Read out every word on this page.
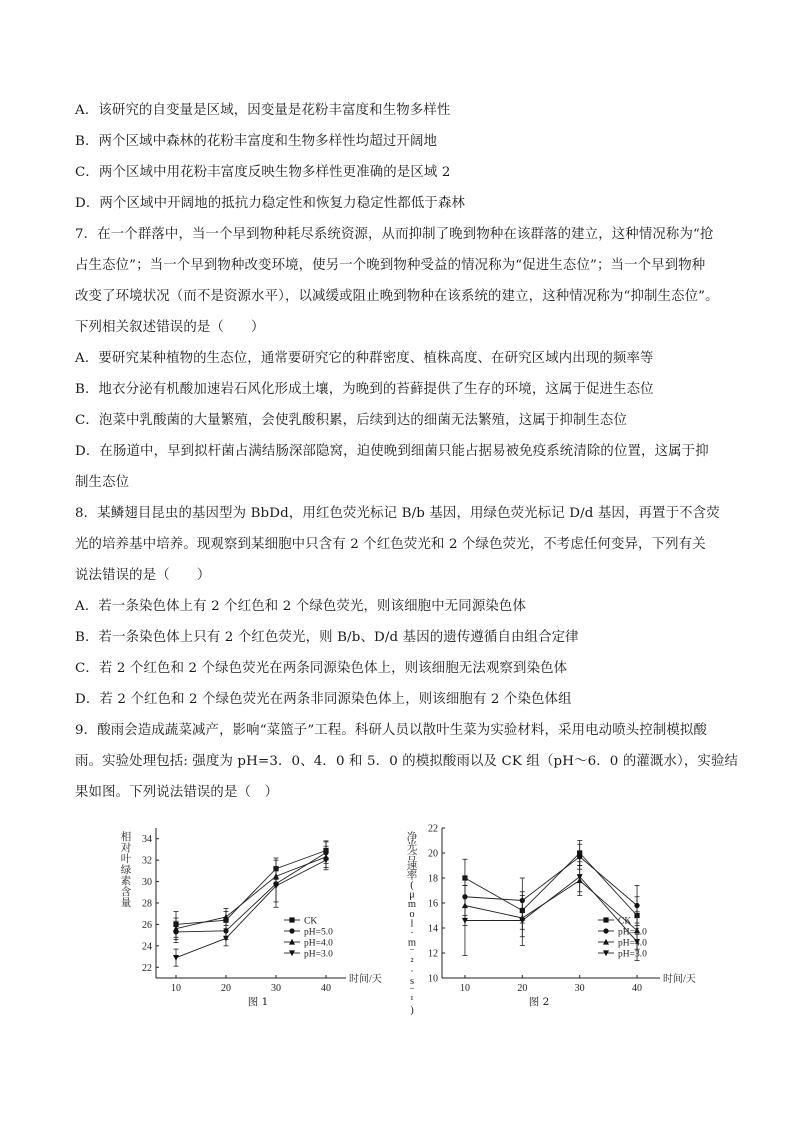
A．该研究的自变量是区域，因变量是花粉丰富度和生物多样性
B．两个区域中森林的花粉丰富度和生物多样性均超过开阔地
C．两个区域中用花粉丰富度反映生物多样性更准确的是区域 2
D．两个区域中开阔地的抵抗力稳定性和恢复力稳定性都低于森林
7．在一个群落中，当一个早到物种耗尽系统资源，从而抑制了晚到物种在该群落的建立，这种情况称为“抢
占生态位”；当一个早到物种改变环境，使另一个晚到物种受益的情况称为“促进生态位”；当一个早到物种
改变了环境状况（而不是资源水平），以减缓或阻止晚到物种在该系统的建立，这种情况称为“抑制生态位”。
下列相关叙述错误的是（　　）
A．要研究某种植物的生态位，通常要研究它的种群密度、植株高度、在研究区域内出现的频率等
B．地衣分泌有机酸加速岩石风化形成土壤，为晚到的苔藓提供了生存的环境，这属于促进生态位
C．泡菜中乳酸菌的大量繁殖，会使乳酸积累，后续到达的细菌无法繁殖，这属于抑制生态位
D．在肠道中，早到拟杆菌占满结肠深部隐窝，迫使晚到细菌只能占据易被免疫系统清除的位置，这属于抑
制生态位
8．某鳞翅目昆虫的基因型为 BbDd，用红色荧光标记 B/b 基因，用绿色荧光标记 D/d 基因，再置于不含荧
光的培养基中培养。现观察到某细胞中只含有 2 个红色荧光和 2 个绿色荧光，不考虑任何变异，下列有关
说法错误的是（　　）
A．若一条染色体上有 2 个红色和 2 个绿色荧光，则该细胞中无同源染色体
B．若一条染色体上只有 2 个红色荧光，则 B/b、D/d 基因的遗传遵循自由组合定律
C．若 2 个红色和 2 个绿色荧光在两条同源染色体上，则该细胞无法观察到染色体
D．若 2 个红色和 2 个绿色荧光在两条非同源染色体上，则该细胞有 2 个染色体组
9．酸雨会造成蔬菜减产，影响“菜篮子”工程。科研人员以散叶生菜为实验材料，采用电动喷头控制模拟酸
雨。实验处理包括: 强度为 pH=3．0、4．0 和 5．0 的模拟酸雨以及 CK 组（pH～6．0 的灌溉水），实验结
果如图。下列说法错误的是（　）
22
24
26
28
30
32
34
10	20	30	40
时间/天
相对叶绿素含量
CK
pH=5.0
pH=4.0
pH=3.0
图 1
10
12
14
16
18
20
22
10	20	30	40
时间/天
净光合速率( μ m o l · m ⁻ ² · s ⁻ ¹ )
CK
pH=5.0
pH=4.0
pH=3.0
图 2
